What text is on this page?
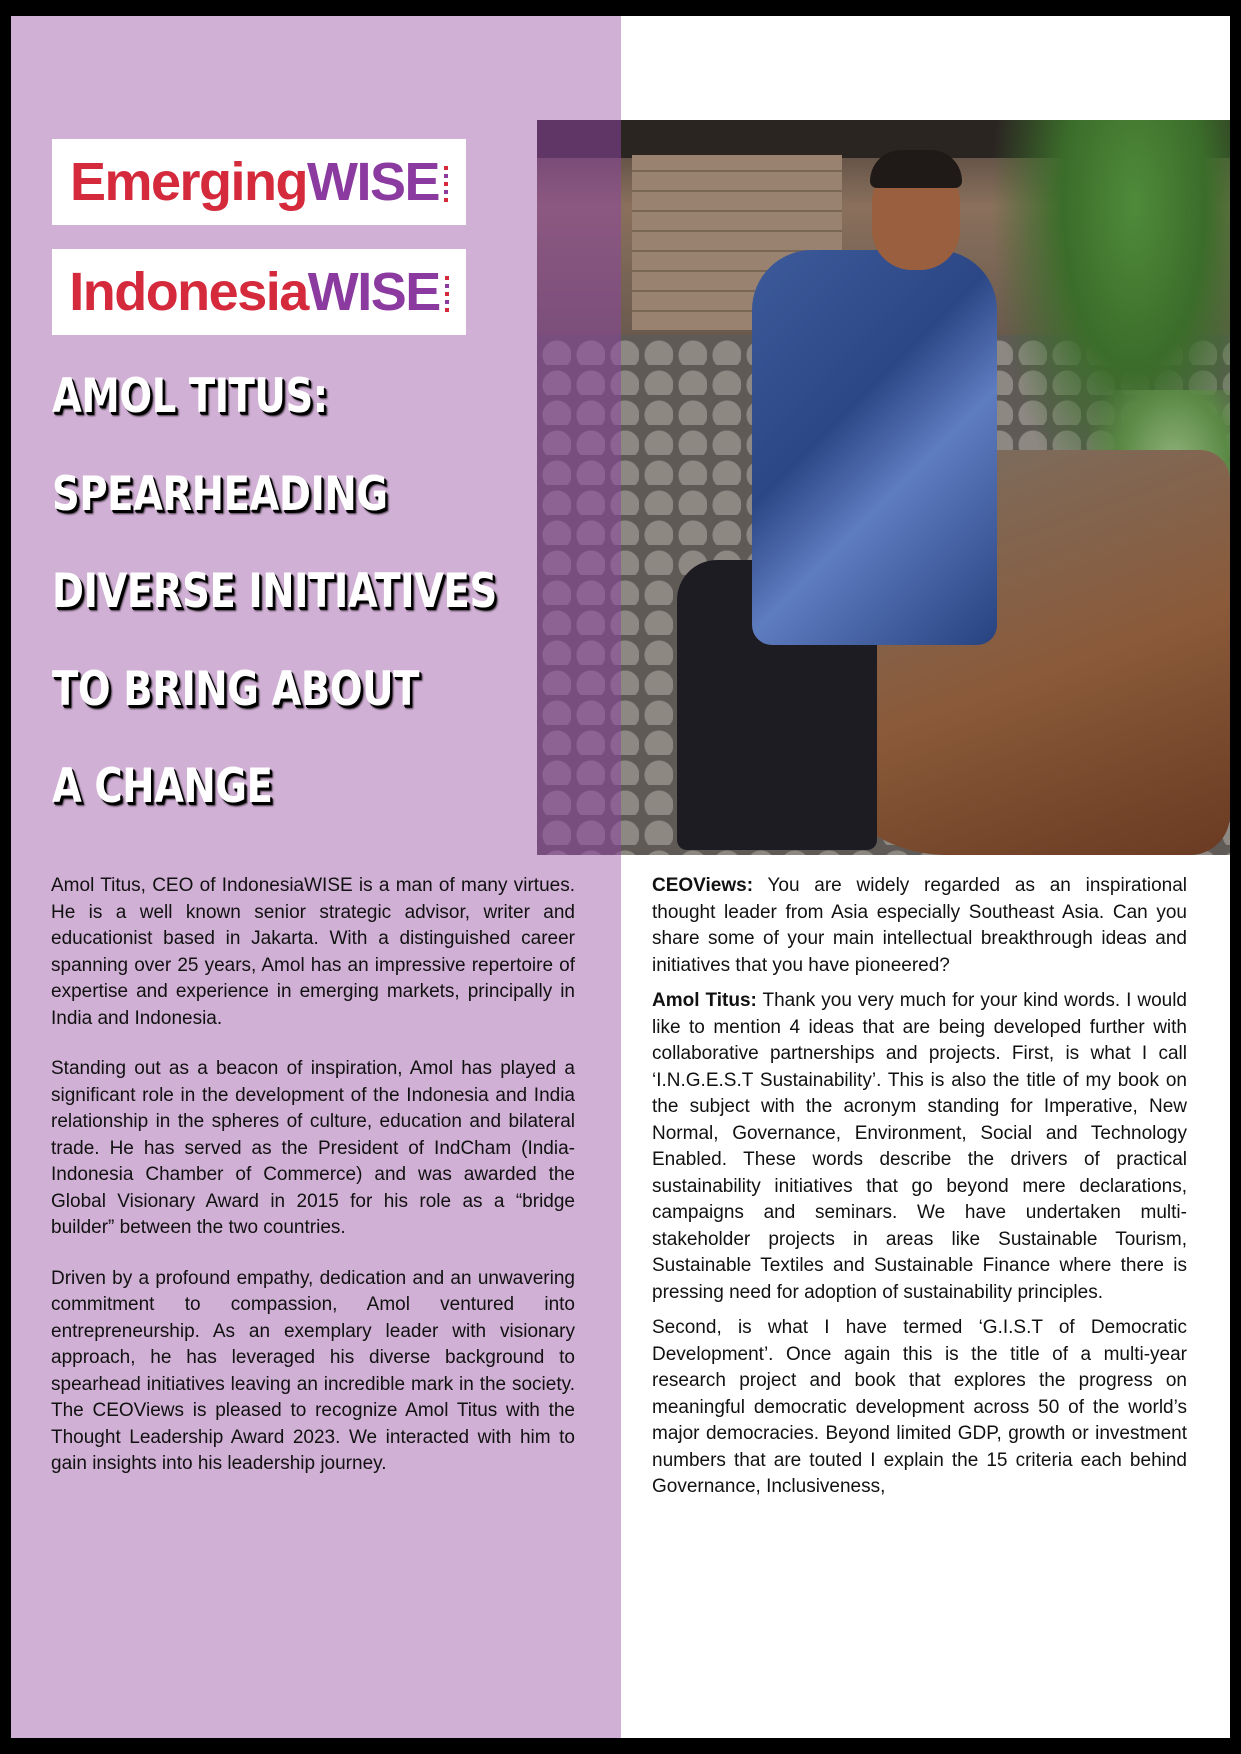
EmergingWISE
IndonesiaWISE
AMOL TITUS:
SPEARHEADING
DIVERSE INITIATIVES
TO BRING ABOUT
A CHANGE

Amol Titus, CEO of IndonesiaWISE is a man of many virtues. He is a well known senior strategic advisor, writer and educationist based in Jakarta. With a distinguished career spanning over 25 years, Amol has an impressive repertoire of expertise and experience in emerging markets, principally in India and Indonesia.

Standing out as a beacon of inspiration, Amol has played a significant role in the development of the Indonesia and India relationship in the spheres of culture, education and bilateral trade. He has served as the President of IndCham (India-Indonesia Chamber of Commerce) and was awarded the Global Visionary Award in 2015 for his role as a “bridge builder” between the two countries.

Driven by a profound empathy, dedication and an unwavering commitment to compassion, Amol ventured into entrepreneurship. As an exemplary leader with visionary approach, he has leveraged his diverse background to spearhead initiatives leaving an incredible mark in the society. The CEOViews is pleased to recognize Amol Titus with the Thought Leadership Award 2023. We interacted with him to gain insights into his leadership journey.

CEOViews: You are widely regarded as an inspirational thought leader from Asia especially Southeast Asia. Can you share some of your main intellectual breakthrough ideas and initiatives that you have pioneered?

Amol Titus: Thank you very much for your kind words. I would like to mention 4 ideas that are being developed further with collaborative partnerships and projects. First, is what I call ‘I.N.G.E.S.T Sustainability’. This is also the title of my book on the subject with the acronym standing for Imperative, New Normal, Governance, Environment, Social and Technology Enabled. These words describe the drivers of practical sustainability initiatives that go beyond mere declarations, campaigns and seminars. We have undertaken multi-stakeholder projects in areas like Sustainable Tourism, Sustainable Textiles and Sustainable Finance where there is pressing need for adoption of sustainability principles.

Second, is what I have termed ‘G.I.S.T of Democratic Development’. Once again this is the title of a multi-year research project and book that explores the progress on meaningful democratic development across 50 of the world’s major democracies. Beyond limited GDP, growth or investment numbers that are touted I explain the 15 criteria each behind Governance, Inclusiveness,
